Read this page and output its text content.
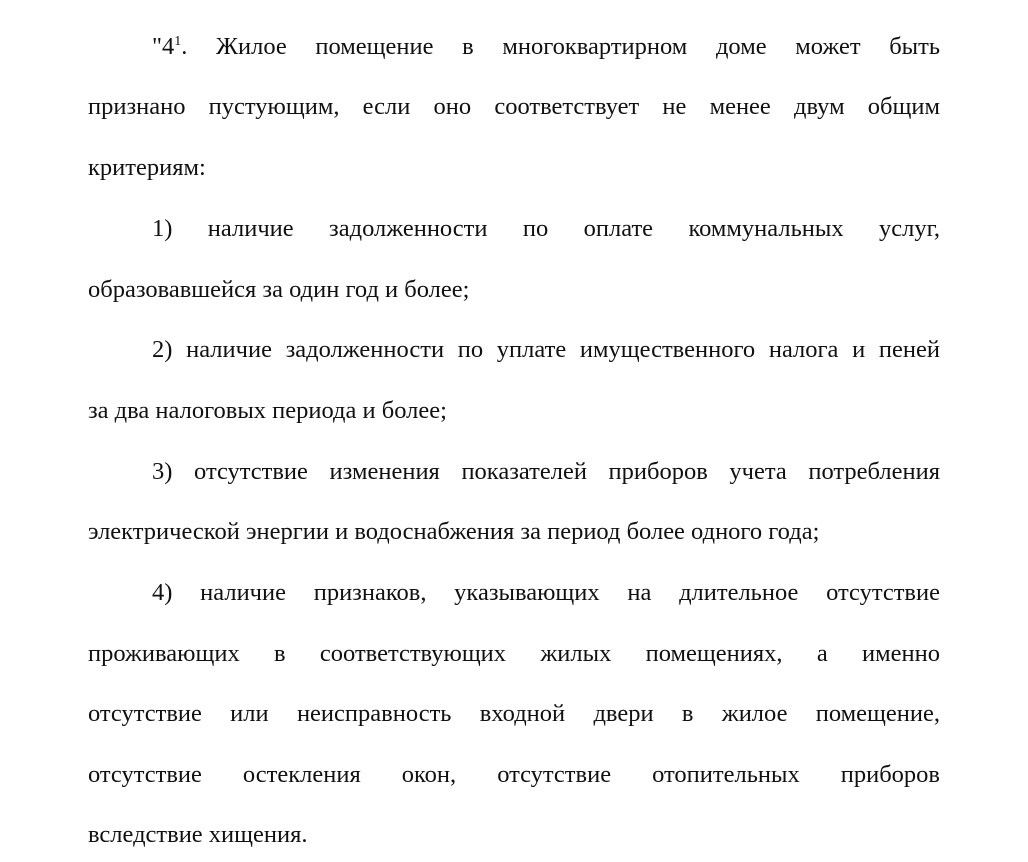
"$4^1$. Жилое помещение в многоквартирном доме может быть
признано пустующим, если оно соответствует не менее двум общим
критериям:
1) наличие задолженности по оплате коммунальных услуг,
образовавшейся за один год и более;
2) наличие задолженности по уплате имущественного налога и пеней
за два налоговых периода и более;
3) отсутствие изменения показателей приборов учета потребления
электрической энергии и водоснабжения за период более одного года;
4) наличие признаков, указывающих на длительное отсутствие
проживающих в соответствующих жилых помещениях, а именно
отсутствие или неисправность входной двери в жилое помещение,
отсутствие остекления окон, отсутствие отопительных приборов
вследствие хищения.
